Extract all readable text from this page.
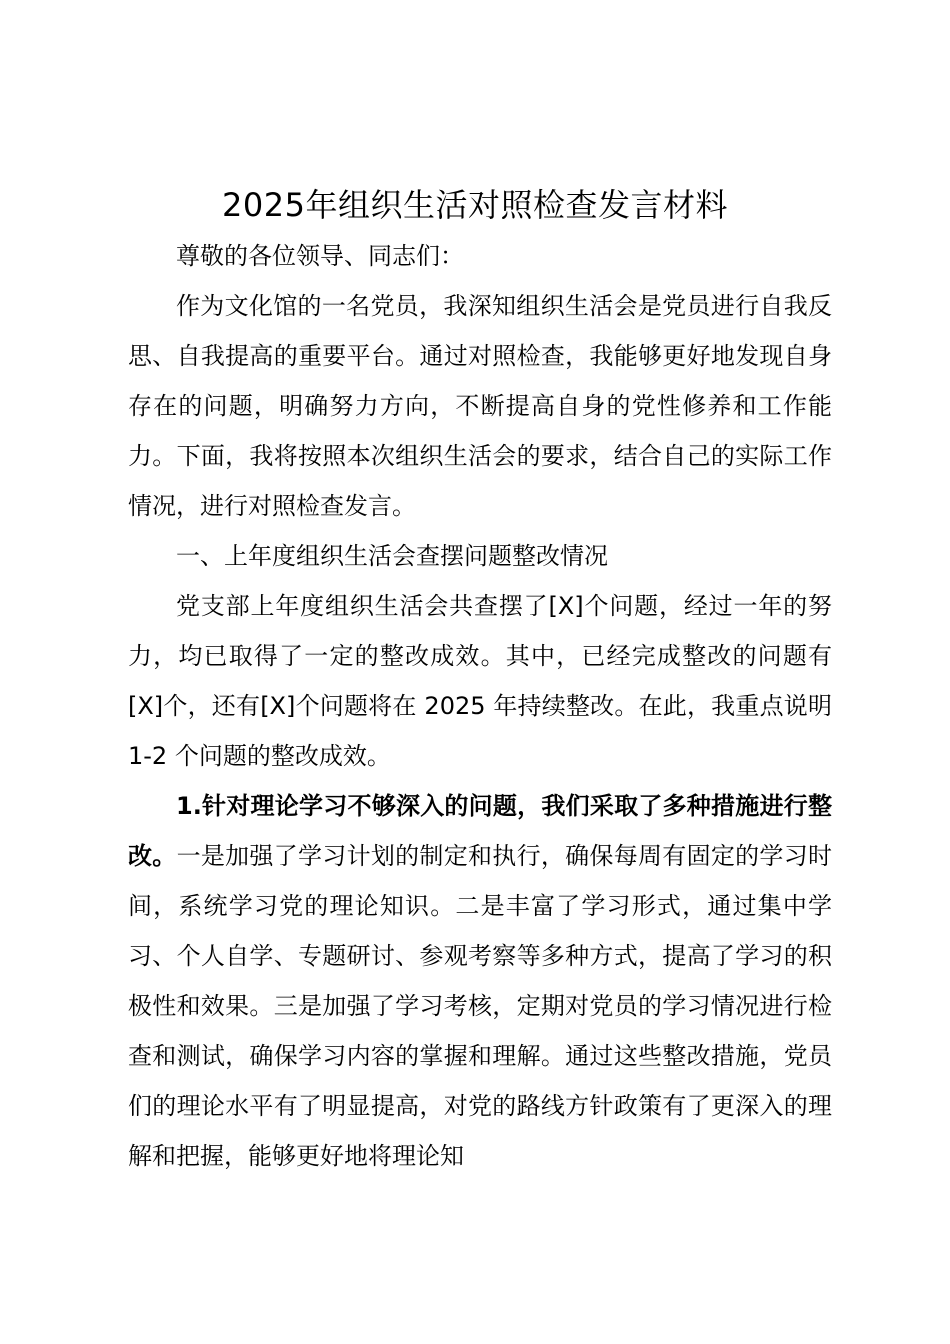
2025年组织生活对照检查发言材料

尊敬的各位领导、同志们：

作为文化馆的一名党员，我深知组织生活会是党员进行自我反思、自我提高的重要平台。通过对照检查，我能够更好地发现自身存在的问题，明确努力方向，不断提高自身的党性修养和工作能力。下面，我将按照本次组织生活会的要求，结合自己的实际工作情况，进行对照检查发言。

一、上年度组织生活会查摆问题整改情况

党支部上年度组织生活会共查摆了[X]个问题，经过一年的努力，均已取得了一定的整改成效。其中，已经完成整改的问题有[X]个，还有[X]个问题将在 2025 年持续整改。在此，我重点说明 1-2 个问题的整改成效。

1.针对理论学习不够深入的问题，我们采取了多种措施进行整改。一是加强了学习计划的制定和执行，确保每周有固定的学习时间，系统学习党的理论知识。二是丰富了学习形式，通过集中学习、个人自学、专题研讨、参观考察等多种方式，提高了学习的积极性和效果。三是加强了学习考核，定期对党员的学习情况进行检查和测试，确保学习内容的掌握和理解。通过这些整改措施，党员们的理论水平有了明显提高，对党的路线方针政策有了更深入的理解和把握，能够更好地将理论知
